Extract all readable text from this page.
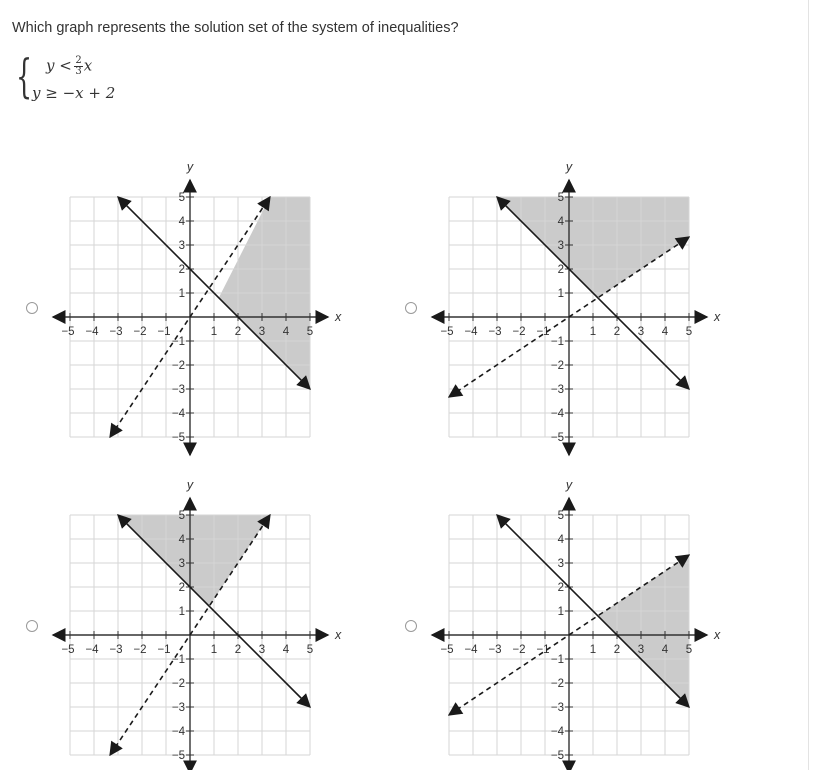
Which graph represents the solution set of the system of inequalities?
{ y <  $\frac{2}{3}$ x
y ≥ −x + 2
−5 −4 −3 −2 −1	1 2 3 4 5
5
4
3
2
1
−1
−2
−3
−4
−5
x
y
−5 −4 −3 −2 −1	1 2 3 4 5
5
4
3
2
1
−1
−2
−3
−4
−5
x
y
−5 −4 −3 −2 −1	1 2 3 4 5
5
4
3
2
1
−1
−2
−3
−4
−5
x
y
−5 −4 −3 −2 −1	1 2 3 4 5
5
4
3
2
1
−1
−2
−3
−4
−5
x
y
